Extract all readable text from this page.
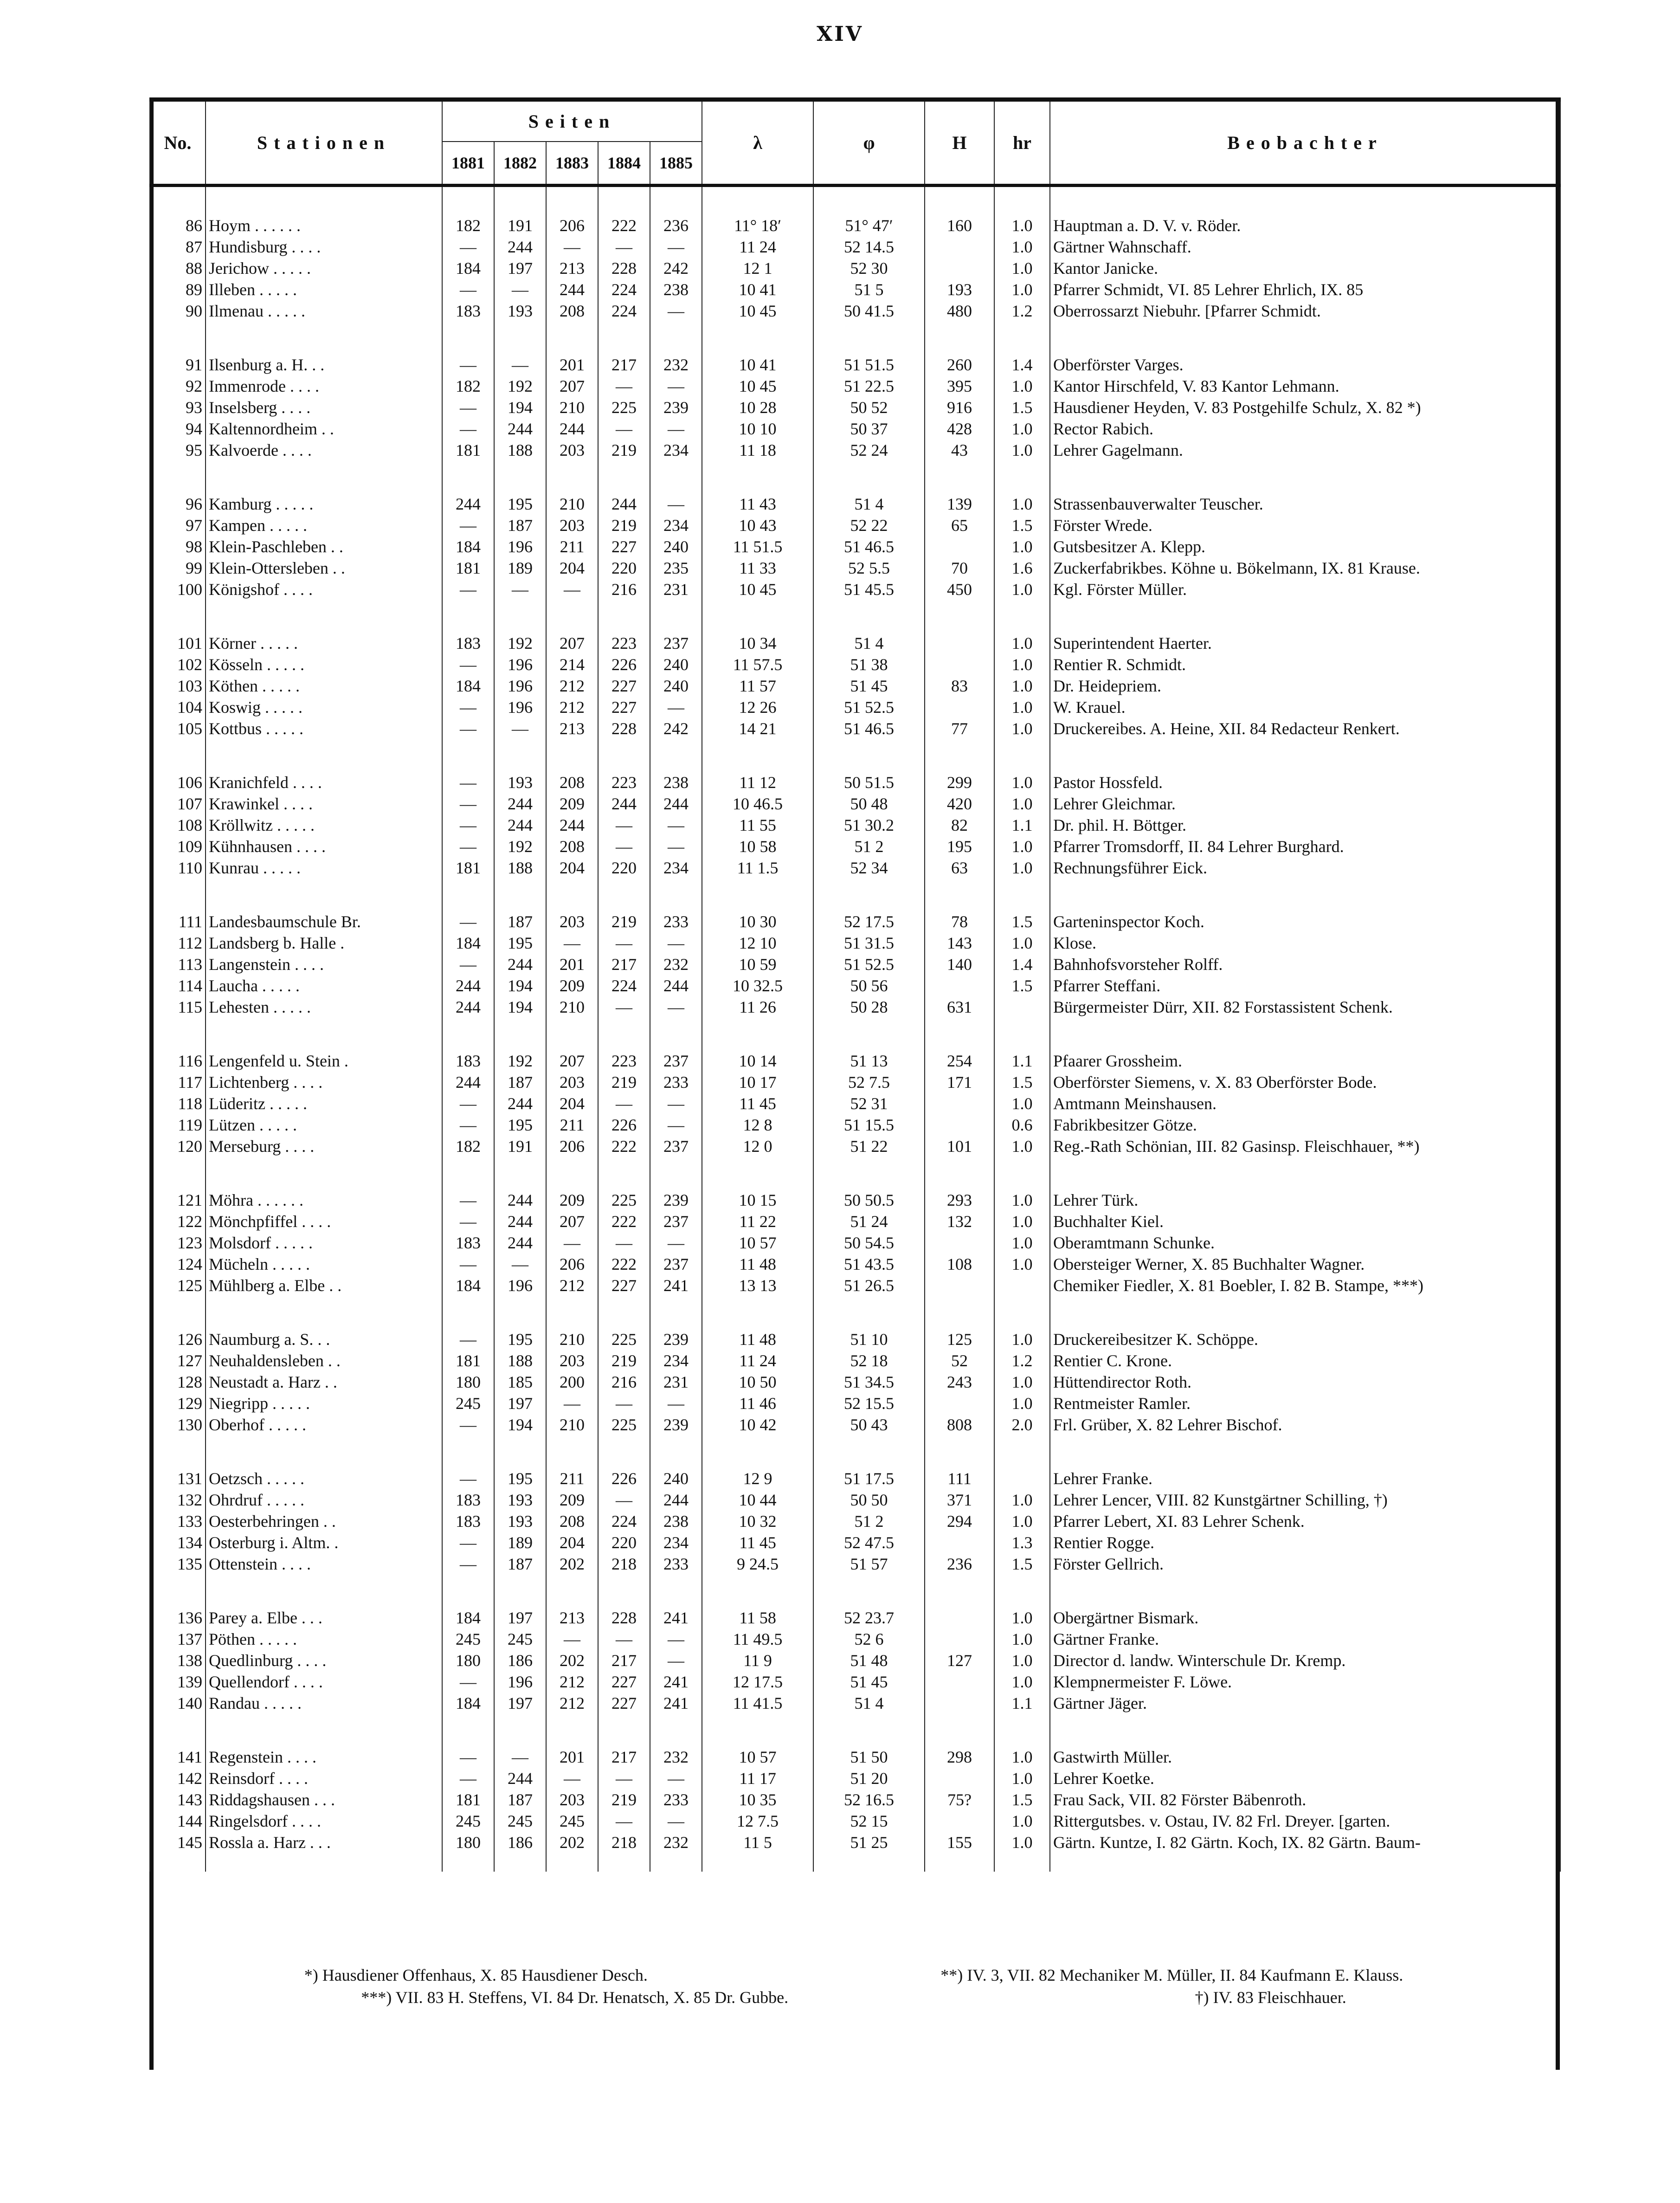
XIV
No.	Stationen	Seiten					λ	φ	H	hr	Beobachter
		1881	1882	1883	1884	1885					

86	Hoym . . . . . .	182	191	206	222	236	11° 18′	51° 47′	160	1.0	Hauptman a. D. V. v. Röder.
87	Hundisburg . . . .	—	244	—	—	—	11 24	52 14.5		1.0	Gärtner Wahnschaff.
88	Jerichow . . . . .	184	197	213	228	242	12 1	52 30		1.0	Kantor Janicke.
89	Illeben . . . . .	—	—	244	224	238	10 41	51 5	193	1.0	Pfarrer Schmidt, VI. 85 Lehrer Ehrlich, IX. 85
90	Ilmenau . . . . .	183	193	208	224	—	10 45	50 41.5	480	1.2	Oberrossarzt Niebuhr. [Pfarrer Schmidt.

91	Ilsenburg a. H. . .	—	—	201	217	232	10 41	51 51.5	260	1.4	Oberförster Varges.
92	Immenrode . . . .	182	192	207	—	—	10 45	51 22.5	395	1.0	Kantor Hirschfeld, V. 83 Kantor Lehmann.
93	Inselsberg . . . .	—	194	210	225	239	10 28	50 52	916	1.5	Hausdiener Heyden, V. 83 Postgehilfe Schulz, X. 82 *)
94	Kaltennordheim . .	—	244	244	—	—	10 10	50 37	428	1.0	Rector Rabich.
95	Kalvoerde . . . .	181	188	203	219	234	11 18	52 24	43	1.0	Lehrer Gagelmann.

96	Kamburg . . . . .	244	195	210	244	—	11 43	51 4	139	1.0	Strassenbauverwalter Teuscher.
97	Kampen . . . . .	—	187	203	219	234	10 43	52 22	65	1.5	Förster Wrede.
98	Klein-Paschleben . .	184	196	211	227	240	11 51.5	51 46.5		1.0	Gutsbesitzer A. Klepp.
99	Klein-Ottersleben . .	181	189	204	220	235	11 33	52 5.5	70	1.6	Zuckerfabrikbes. Köhne u. Bökelmann, IX. 81 Krause.
100	Königshof . . . .	—	—	—	216	231	10 45	51 45.5	450	1.0	Kgl. Förster Müller.

101	Körner . . . . .	183	192	207	223	237	10 34	51 4		1.0	Superintendent Haerter.
102	Kösseln . . . . .	—	196	214	226	240	11 57.5	51 38		1.0	Rentier R. Schmidt.
103	Köthen . . . . .	184	196	212	227	240	11 57	51 45	83	1.0	Dr. Heidepriem.
104	Koswig . . . . .	—	196	212	227	—	12 26	51 52.5		1.0	W. Krauel.
105	Kottbus . . . . .	—	—	213	228	242	14 21	51 46.5	77	1.0	Druckereibes. A. Heine, XII. 84 Redacteur Renkert.

106	Kranichfeld . . . .	—	193	208	223	238	11 12	50 51.5	299	1.0	Pastor Hossfeld.
107	Krawinkel . . . .	—	244	209	244	244	10 46.5	50 48	420	1.0	Lehrer Gleichmar.
108	Kröllwitz . . . . .	—	244	244	—	—	11 55	51 30.2	82	1.1	Dr. phil. H. Böttger.
109	Kühnhausen . . . .	—	192	208	—	—	10 58	51 2	195	1.0	Pfarrer Tromsdorff, II. 84 Lehrer Burghard.
110	Kunrau . . . . .	181	188	204	220	234	11 1.5	52 34	63	1.0	Rechnungsführer Eick.

111	Landesbaumschule Br.	—	187	203	219	233	10 30	52 17.5	78	1.5	Garteninspector Koch.
112	Landsberg b. Halle .	184	195	—	—	—	12 10	51 31.5	143	1.0	Klose.
113	Langenstein . . . .	—	244	201	217	232	10 59	51 52.5	140	1.4	Bahnhofsvorsteher Rolff.
114	Laucha . . . . .	244	194	209	224	244	10 32.5	50 56		1.5	Pfarrer Steffani.
115	Lehesten . . . . .	244	194	210	—	—	11 26	50 28	631		Bürgermeister Dürr, XII. 82 Forstassistent Schenk.

116	Lengenfeld u. Stein .	183	192	207	223	237	10 14	51 13	254	1.1	Pfaarer Grossheim.
117	Lichtenberg . . . .	244	187	203	219	233	10 17	52 7.5	171	1.5	Oberförster Siemens, v. X. 83 Oberförster Bode.
118	Lüderitz . . . . .	—	244	204	—	—	11 45	52 31		1.0	Amtmann Meinshausen.
119	Lützen . . . . .	—	195	211	226	—	12 8	51 15.5		0.6	Fabrikbesitzer Götze.
120	Merseburg . . . .	182	191	206	222	237	12 0	51 22	101	1.0	Reg.-Rath Schönian, III. 82 Gasinsp. Fleischhauer, **)

121	Möhra . . . . . .	—	244	209	225	239	10 15	50 50.5	293	1.0	Lehrer Türk.
122	Mönchpfiffel . . . .	—	244	207	222	237	11 22	51 24	132	1.0	Buchhalter Kiel.
123	Molsdorf . . . . .	183	244	—	—	—	10 57	50 54.5		1.0	Oberamtmann Schunke.
124	Mücheln . . . . .	—	—	206	222	237	11 48	51 43.5	108	1.0	Obersteiger Werner, X. 85 Buchhalter Wagner.
125	Mühlberg a. Elbe . .	184	196	212	227	241	13 13	51 26.5			Chemiker Fiedler, X. 81 Boebler, I. 82 B. Stampe, ***)

126	Naumburg a. S. . .	—	195	210	225	239	11 48	51 10	125	1.0	Druckereibesitzer K. Schöppe.
127	Neuhaldensleben . .	181	188	203	219	234	11 24	52 18	52	1.2	Rentier C. Krone.
128	Neustadt a. Harz . .	180	185	200	216	231	10 50	51 34.5	243	1.0	Hüttendirector Roth.
129	Niegripp . . . . .	245	197	—	—	—	11 46	52 15.5		1.0	Rentmeister Ramler.
130	Oberhof . . . . .	—	194	210	225	239	10 42	50 43	808	2.0	Frl. Grüber, X. 82 Lehrer Bischof.

131	Oetzsch . . . . .	—	195	211	226	240	12 9	51 17.5	111		Lehrer Franke.
132	Ohrdruf . . . . .	183	193	209	—	244	10 44	50 50	371	1.0	Lehrer Lencer, VIII. 82 Kunstgärtner Schilling, †)
133	Oesterbehringen . .	183	193	208	224	238	10 32	51 2	294	1.0	Pfarrer Lebert, XI. 83 Lehrer Schenk.
134	Osterburg i. Altm. .	—	189	204	220	234	11 45	52 47.5		1.3	Rentier Rogge.
135	Ottenstein . . . .	—	187	202	218	233	9 24.5	51 57	236	1.5	Förster Gellrich.

136	Parey a. Elbe . . .	184	197	213	228	241	11 58	52 23.7		1.0	Obergärtner Bismark.
137	Pöthen . . . . .	245	245	—	—	—	11 49.5	52 6		1.0	Gärtner Franke.
138	Quedlinburg . . . .	180	186	202	217	—	11 9	51 48	127	1.0	Director d. landw. Winterschule Dr. Kremp.
139	Quellendorf . . . .	—	196	212	227	241	12 17.5	51 45		1.0	Klempnermeister F. Löwe.
140	Randau . . . . .	184	197	212	227	241	11 41.5	51 4		1.1	Gärtner Jäger.

141	Regenstein . . . .	—	—	201	217	232	10 57	51 50	298	1.0	Gastwirth Müller.
142	Reinsdorf . . . .	—	244	—	—	—	11 17	51 20		1.0	Lehrer Koetke.
143	Riddagshausen . . .	181	187	203	219	233	10 35	52 16.5	75?	1.5	Frau Sack, VII. 82 Förster Bäbenroth.
144	Ringelsdorf . . . .	245	245	245	—	—	12 7.5	52 15		1.0	Rittergutsbes. v. Ostau, IV. 82 Frl. Dreyer. [garten.
145	Rossla a. Harz . . .	180	186	202	218	232	11 5	51 25	155	1.0	Gärtn. Kuntze, I. 82 Gärtn. Koch, IX. 82 Gärtn. Baum-

*) Hausdiener Offenhaus, X. 85 Hausdiener Desch.	**) IV. 3, VII. 82 Mechaniker M. Müller, II. 84 Kaufmann E. Klauss.
***) VII. 83 H. Steffens, VI. 84 Dr. Henatsch, X. 85 Dr. Gubbe.	†) IV. 83 Fleischhauer.
